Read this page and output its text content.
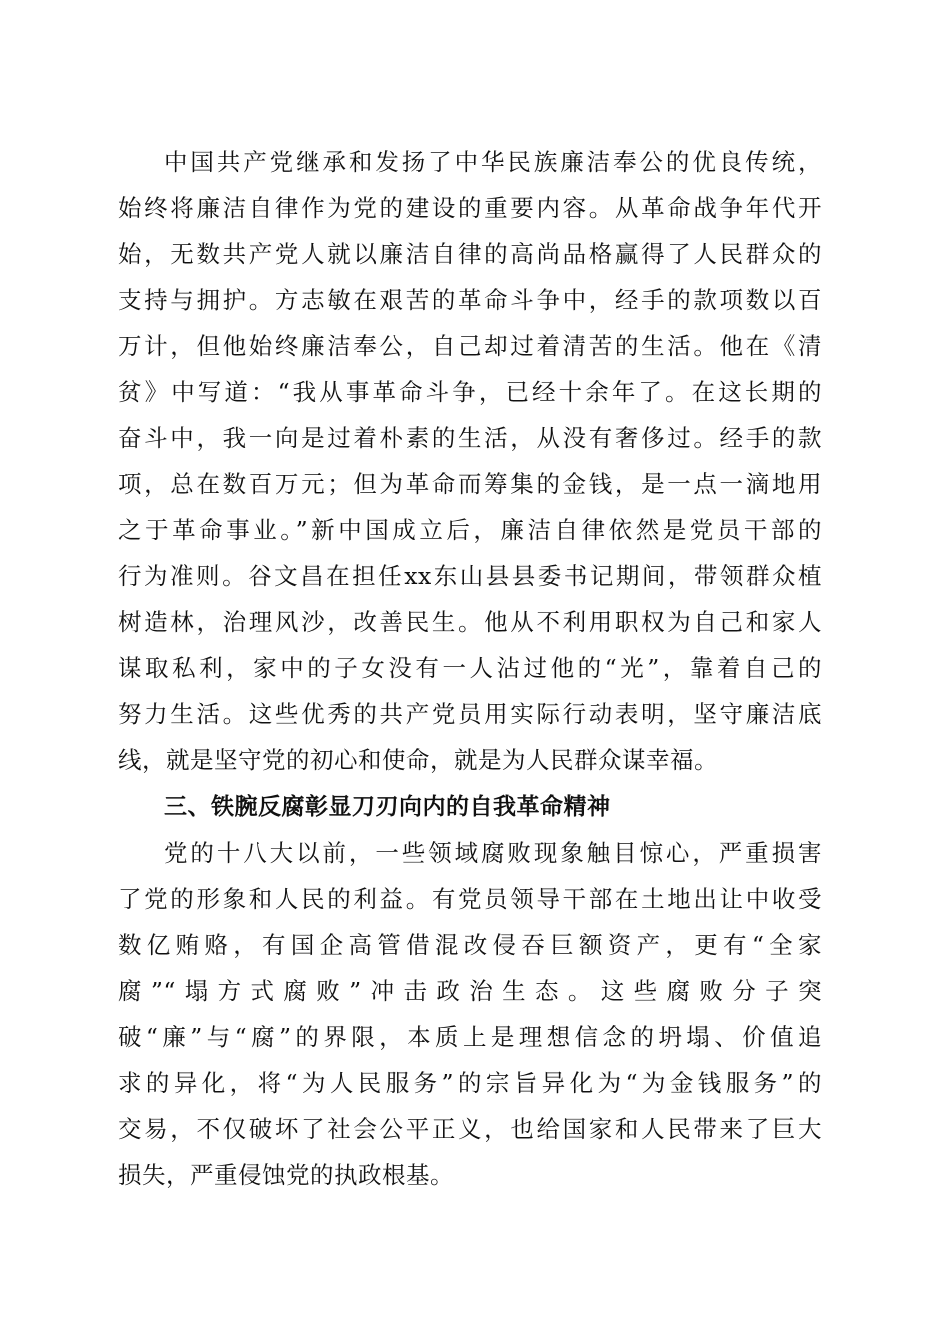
中国共产党继承和发扬了中华民族廉洁奉公的优良传统，
始终将廉洁自律作为党的建设的重要内容。从革命战争年代开
始，无数共产党人就以廉洁自律的高尚品格赢得了人民群众的
支持与拥护。方志敏在艰苦的革命斗争中，经手的款项数以百
万计，但他始终廉洁奉公，自己却过着清苦的生活。他在《清
贫》中写道：“我从事革命斗争，已经十余年了。在这长期的
奋斗中，我一向是过着朴素的生活，从没有奢侈过。经手的款
项，总在数百万元；但为革命而筹集的金钱，是一点一滴地用
之于革命事业。”新中国成立后，廉洁自律依然是党员干部的
行为准则。谷文昌在担任xx东山县县委书记期间，带领群众植
树造林，治理风沙，改善民生。他从不利用职权为自己和家人
谋取私利，家中的子女没有一人沾过他的“光”，靠着自己的
努力生活。这些优秀的共产党员用实际行动表明，坚守廉洁底
线，就是坚守党的初心和使命，就是为人民群众谋幸福。
三、铁腕反腐彰显刀刃向内的自我革命精神
党的十八大以前，一些领域腐败现象触目惊心，严重损害
了党的形象和人民的利益。有党员领导干部在土地出让中收受
数亿贿赂，有国企高管借混改侵吞巨额资产，更有“全家
腐”“塌方式腐败”冲击政治生态。这些腐败分子突
破“廉”与“腐”的界限，本质上是理想信念的坍塌、价值追
求的异化，将“为人民服务”的宗旨异化为“为金钱服务”的
交易，不仅破坏了社会公平正义，也给国家和人民带来了巨大
损失，严重侵蚀党的执政根基。
